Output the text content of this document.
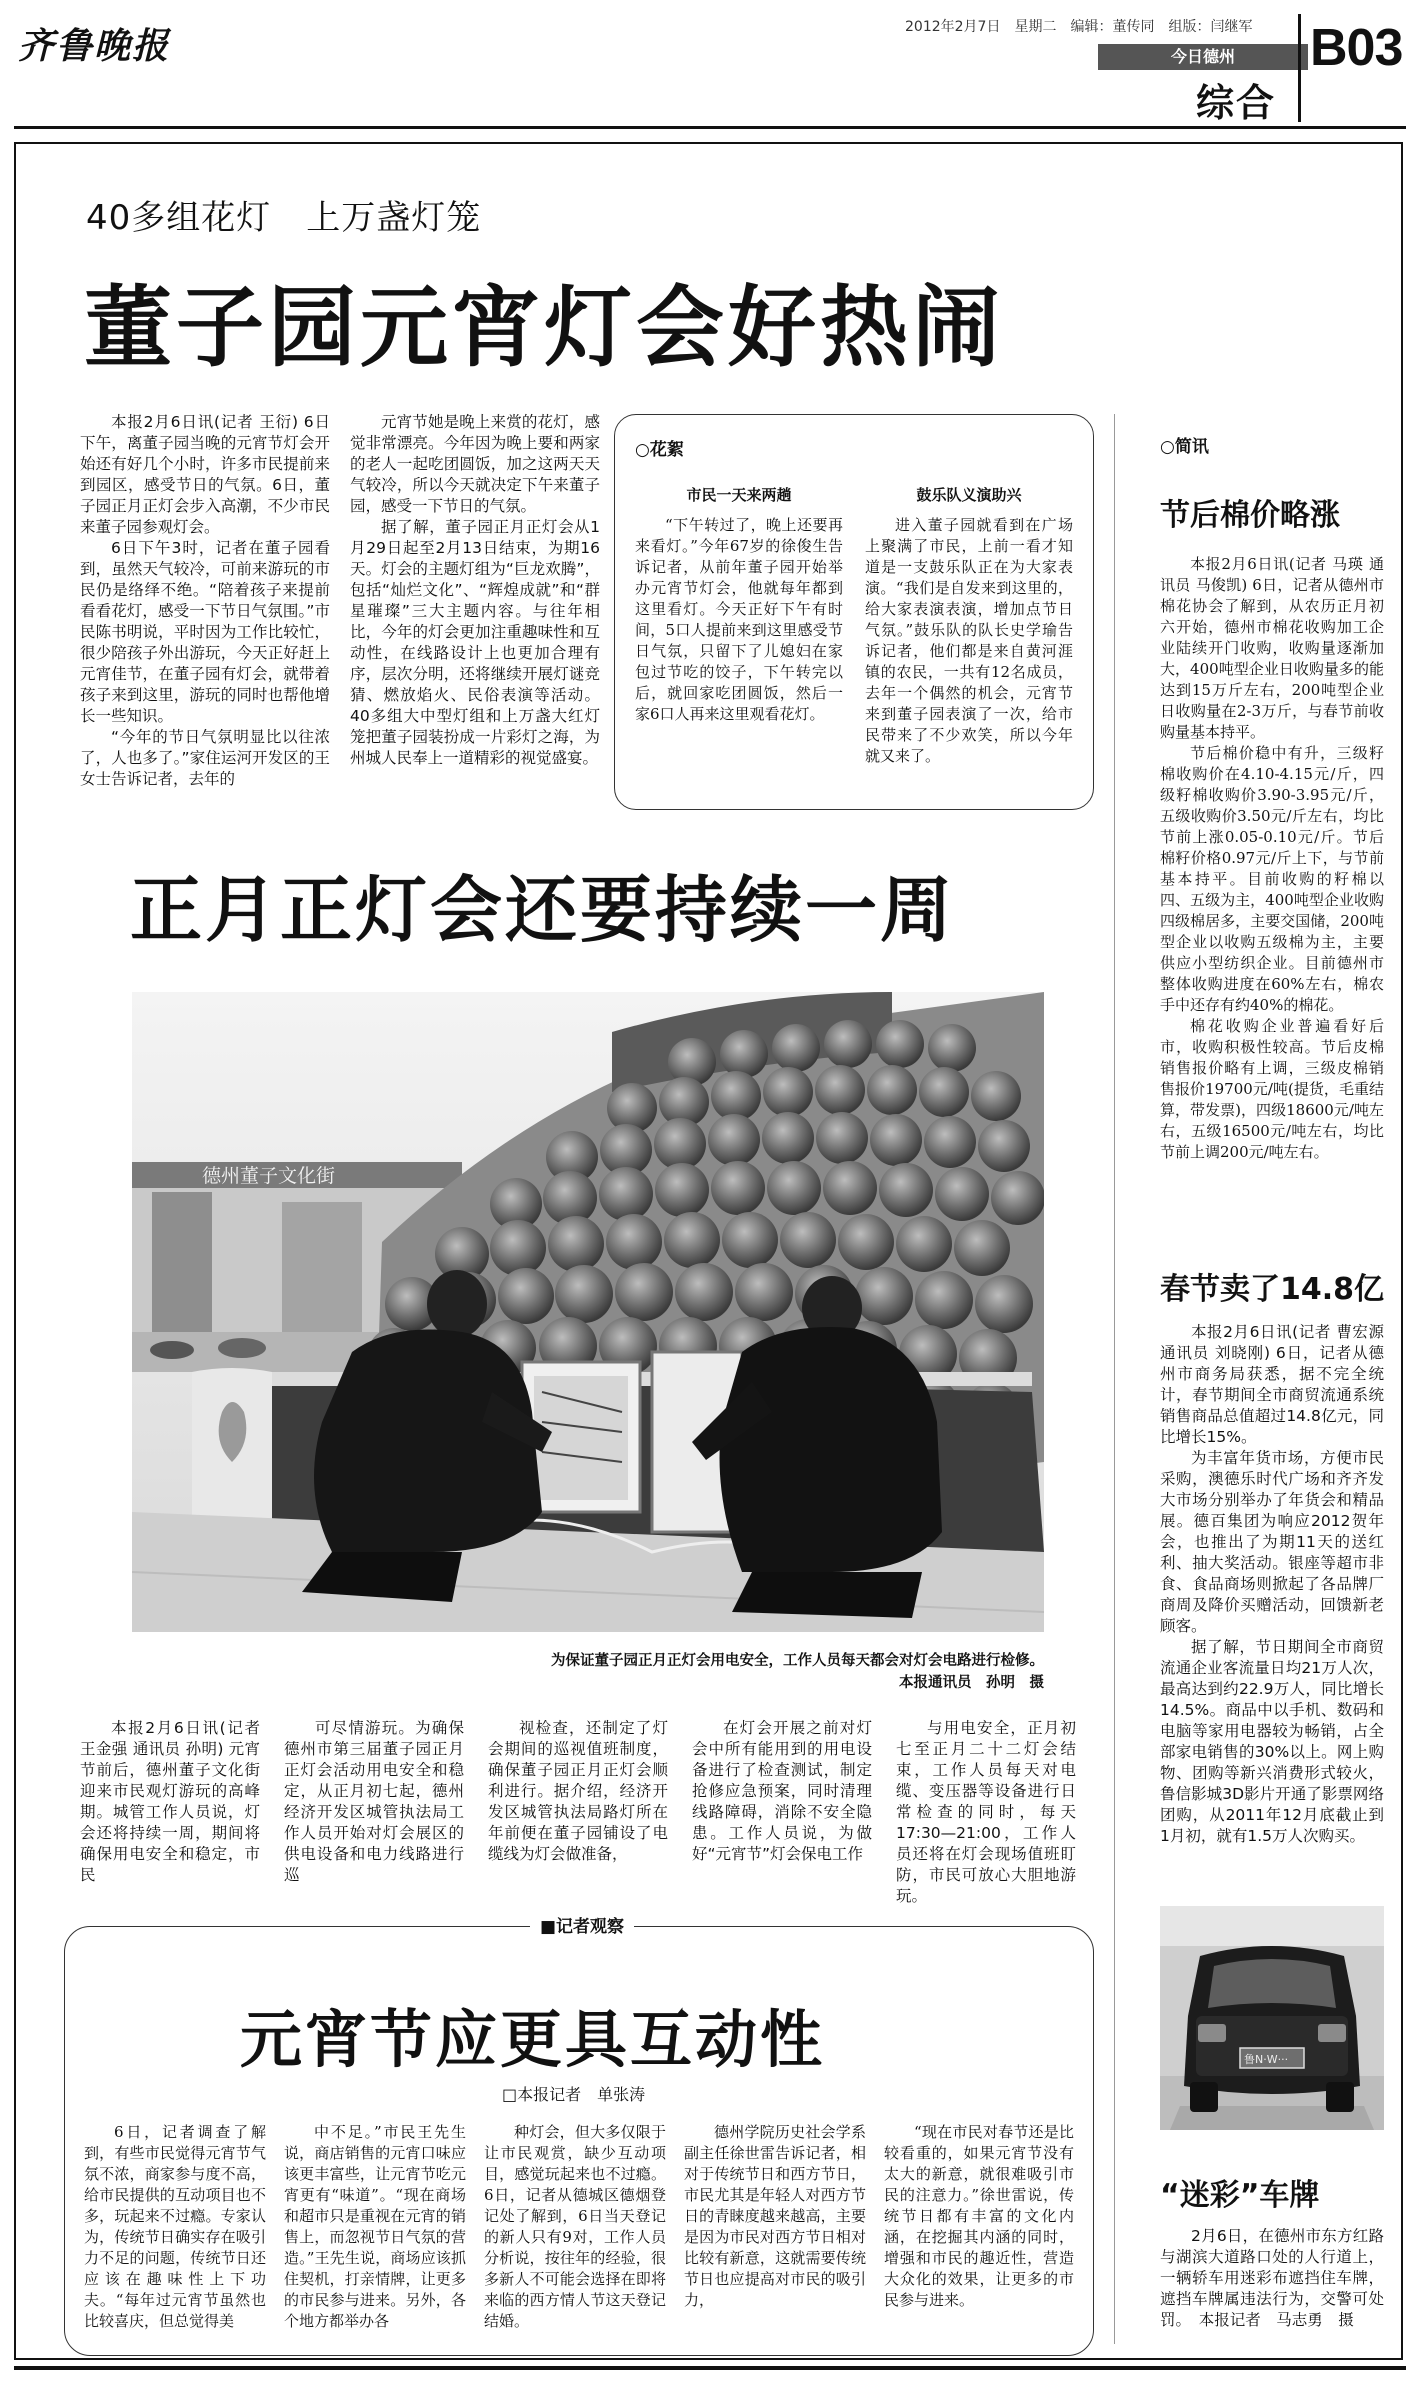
齐鲁晚报	2012年2月7日　星期二　编辑：董传同　组版：闫继军
今日德州
综合
B03
40多组花灯　上万盏灯笼
董子园元宵灯会好热闹

本报2月6日讯(记者 王衍) 6日下午，离董子园当晚的元宵节灯会开始还有好几个小时，许多市民提前来到园区，感受节日的气氛。6日，董子园正月正灯会步入高潮，不少市民来董子园参观灯会。

6日下午3时，记者在董子园看到，虽然天气较冷，可前来游玩的市民仍是络绎不绝。“陪着孩子来提前看看花灯，感受一下节日气氛围。”市民陈书明说，平时因为工作比较忙，很少陪孩子外出游玩，今天正好赶上元宵佳节，在董子园有灯会，就带着孩子来到这里，游玩的同时也帮他增长一些知识。

“今年的节日气氛明显比以往浓了，人也多了。”家住运河开发区的王女士告诉记者，去年的

元宵节她是晚上来赏的花灯，感觉非常漂亮。今年因为晚上要和两家的老人一起吃团圆饭，加之这两天天气较冷，所以今天就决定下午来董子园，感受一下节日的气氛。

据了解，董子园正月正灯会从1月29日起至2月13日结束，为期16天。灯会的主题灯组为“巨龙欢腾”，包括“灿烂文化”、“辉煌成就”和“群星璀璨”三大主题内容。与往年相比，今年的灯会更加注重趣味性和互动性，在线路设计上也更加合理有序，层次分明，还将继续开展灯谜竞猜、燃放焰火、民俗表演等活动。40多组大中型灯组和上万盏大红灯笼把董子园装扮成一片彩灯之海，为州城人民奉上一道精彩的视觉盛宴。

○花絮
市民一天来两趟

“下午转过了，晚上还要再来看灯。”今年67岁的徐俊生告诉记者，从前年董子园开始举办元宵节灯会，他就每年都到这里看灯。今天正好下午有时间，5口人提前来到这里感受节日气氛，只留下了儿媳妇在家包过节吃的饺子，下午转完以后，就回家吃团圆饭，然后一家6口人再来这里观看花灯。

鼓乐队义演助兴

进入董子园就看到在广场上聚满了市民，上前一看才知道是一支鼓乐队正在为大家表演。“我们是自发来到这里的，给大家表演表演，增加点节日气氛。”鼓乐队的队长史学瑜告诉记者，他们都是来自黄河涯镇的农民，一共有12名成员，去年一个偶然的机会，元宵节来到董子园表演了一次，给市民带来了不少欢笑，所以今年就又来了。

正月正灯会还要持续一周
德州董子文化街
为保证董子园正月正灯会用电安全，工作人员每天都会对灯会电路进行检修。
本报通讯员　孙明　摄

本报2月6日讯(记者 王金强 通讯员 孙明) 元宵节前后，德州董子文化街迎来市民观灯游玩的高峰期。城管工作人员说，灯会还将持续一周，期间将确保用电安全和稳定，市民

可尽情游玩。为确保德州市第三届董子园正月正灯会活动用电安全和稳定，从正月初七起，德州经济开发区城管执法局工作人员开始对灯会展区的供电设备和电力线路进行巡

视检查，还制定了灯会期间的巡视值班制度，确保董子园正月正灯会顺利进行。据介绍，经济开发区城管执法局路灯所在年前便在董子园铺设了电缆线为灯会做准备，

在灯会开展之前对灯会中所有能用到的用电设备进行了检查测试，制定抢修应急预案，同时清理线路障碍，消除不安全隐患。工作人员说，为做好“元宵节”灯会保电工作

与用电安全，正月初七至正月二十二灯会结束，工作人员每天对电缆、变压器等设备进行日常检查的同时，每天17:30—21:00，工作人员还将在灯会现场值班盯防，市民可放心大胆地游玩。

■记者观察
元宵节应更具互动性
□本报记者　单张涛

6日，记者调查了解到，有些市民觉得元宵节气氛不浓，商家参与度不高，给市民提供的互动项目也不多，玩起来不过瘾。专家认为，传统节日确实存在吸引力不足的问题，传统节日还应该在趣味性上下功夫。“每年过元宵节虽然也比较喜庆，但总觉得美

中不足。”市民王先生说，商店销售的元宵口味应该更丰富些，让元宵节吃元宵更有“味道”。“现在商场和超市只是重视在元宵的销售上，而忽视节日气氛的营造。”王先生说，商场应该抓住契机，打亲情牌，让更多的市民参与进来。另外，各个地方都举办各

种灯会，但大多仅限于让市民观赏，缺少互动项目，感觉玩起来也不过瘾。6日，记者从德城区德烟登记处了解到，6日当天登记的新人只有9对，工作人员分析说，按往年的经验，很多新人不可能会选择在即将来临的西方情人节这天登记结婚。

德州学院历史社会学系副主任徐世雷告诉记者，相对于传统节日和西方节日，市民尤其是年轻人对西方节日的青睐度越来越高，主要是因为市民对西方节日相对比较有新意，这就需要传统节日也应提高对市民的吸引力，

“现在市民对春节还是比较看重的，如果元宵节没有太大的新意，就很难吸引市民的注意力。”徐世雷说，传统节日都有丰富的文化内涵，在挖掘其内涵的同时，增强和市民的趣近性，营造大众化的效果，让更多的市民参与进来。

○简讯
节后棉价略涨

本报2月6日讯(记者 马瑛 通讯员 马俊凯) 6日，记者从德州市棉花协会了解到，从农历正月初六开始，德州市棉花收购加工企业陆续开门收购，收购量逐渐加大，400吨型企业日收购量多的能达到15万斤左右，200吨型企业日收购量在2-3万斤，与春节前收购量基本持平。

节后棉价稳中有升，三级籽棉收购价在4.10-4.15元/斤，四级籽棉收购价3.90-3.95元/斤，五级收购价3.50元/斤左右，均比节前上涨0.05-0.10元/斤。节后棉籽价格0.97元/斤上下，与节前基本持平。目前收购的籽棉以四、五级为主，400吨型企业收购四级棉居多，主要交国储，200吨型企业以收购五级棉为主，主要供应小型纺织企业。目前德州市整体收购进度在60%左右，棉农手中还存有约40%的棉花。

棉花收购企业普遍看好后市，收购积极性较高。节后皮棉销售报价略有上调，三级皮棉销售报价19700元/吨(提货，毛重结算，带发票)，四级18600元/吨左右，五级16500元/吨左右，均比节前上调200元/吨左右。

春节卖了14.8亿

本报2月6日讯(记者 曹宏源 通讯员 刘晓刚) 6日，记者从德州市商务局获悉，据不完全统计，春节期间全市商贸流通系统销售商品总值超过14.8亿元，同比增长15%。

为丰富年货市场，方便市民采购，澳德乐时代广场和齐齐发大市场分别举办了年货会和精品展。德百集团为响应2012贺年会，也推出了为期11天的送红利、抽大奖活动。银座等超市非食、食品商场则掀起了各品牌厂商周及降价买赠活动，回馈新老顾客。

据了解，节日期间全市商贸流通企业客流量日均21万人次，最高达到约22.9万人，同比增长14.5%。商品中以手机、数码和电脑等家用电器较为畅销，占全部家电销售的30%以上。网上购物、团购等新兴消费形式较火，鲁信影城3D影片开通了影票网络团购，从2011年12月底截止到1月初，就有1.5万人次购买。

鲁N·W···
“迷彩”车牌

2月6日，在德州市东方红路与湖滨大道路口处的人行道上，一辆轿车用迷彩布遮挡住车牌，遮挡车牌属违法行为，交警可处罚。　本报记者　马志勇　摄
